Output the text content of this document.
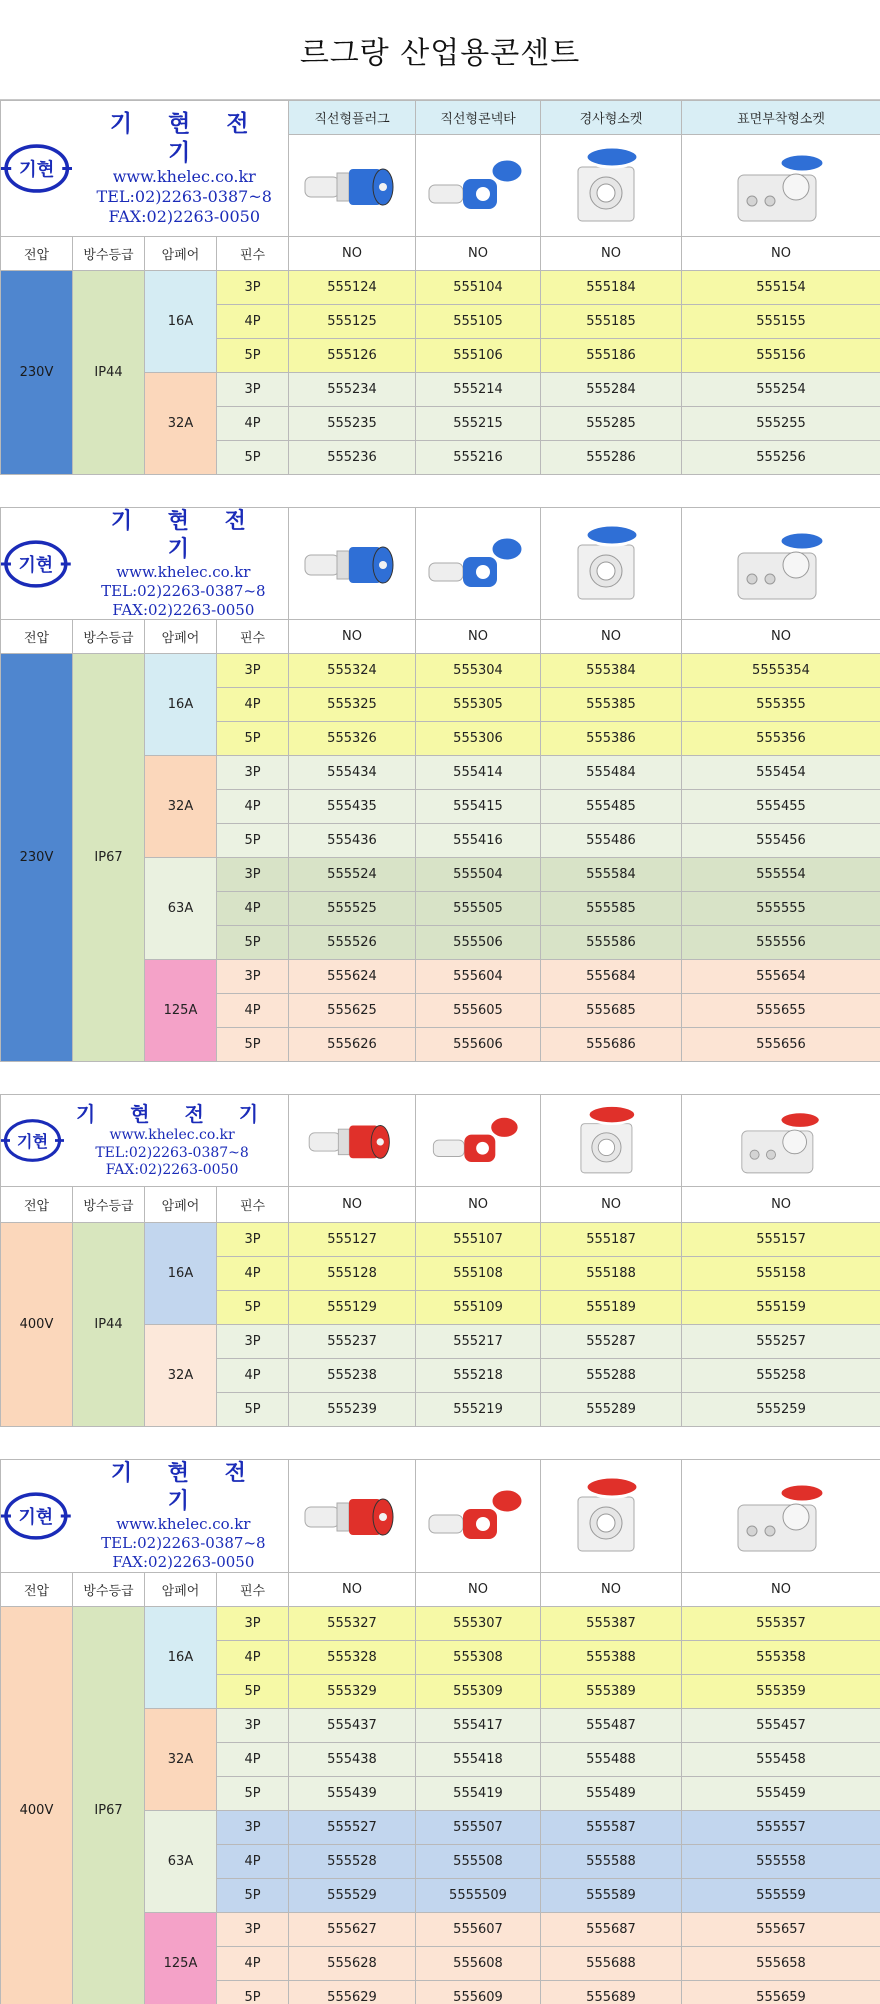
르그랑 산업용콘센트
기현
기 현 전 기
www.khelec.co.kr
TEL:02)2263-0387~8
FAX:02)2263-0050				직선형플러그	직선형콘넥타	경사형소켓	표면부착형소켓

전압	방수등급	암페어	핀수	NO	NO	NO	NO
230V	IP44	16A	3P	555124	555104	555184	555154
			4P	555125	555105	555185	555155
			5P	555126	555106	555186	555156
		32A	3P	555234	555214	555284	555254
			4P	555235	555215	555285	555255
			5P	555236	555216	555286	555256
기현
기 현 전 기
www.khelec.co.kr
TEL:02)2263-0387~8
FAX:02)2263-0050

전압	방수등급	암페어	핀수	NO	NO	NO	NO
230V	IP67	16A	3P	555324	555304	555384	5555354
			4P	555325	555305	555385	555355
			5P	555326	555306	555386	555356
		32A	3P	555434	555414	555484	555454
			4P	555435	555415	555485	555455
			5P	555436	555416	555486	555456
		63A	3P	555524	555504	555584	555554
			4P	555525	555505	555585	555555
			5P	555526	555506	555586	555556
		125A	3P	555624	555604	555684	555654
			4P	555625	555605	555685	555655
			5P	555626	555606	555686	555656
기현
기 현 전 기
www.khelec.co.kr
TEL:02)2263-0387~8
FAX:02)2263-0050

전압	방수등급	암페어	핀수	NO	NO	NO	NO
400V	IP44	16A	3P	555127	555107	555187	555157
			4P	555128	555108	555188	555158
			5P	555129	555109	555189	555159
		32A	3P	555237	555217	555287	555257
			4P	555238	555218	555288	555258
			5P	555239	555219	555289	555259
기현
기 현 전 기
www.khelec.co.kr
TEL:02)2263-0387~8
FAX:02)2263-0050

전압	방수등급	암페어	핀수	NO	NO	NO	NO
400V	IP67	16A	3P	555327	555307	555387	555357
			4P	555328	555308	555388	555358
			5P	555329	555309	555389	555359
		32A	3P	555437	555417	555487	555457
			4P	555438	555418	555488	555458
			5P	555439	555419	555489	555459
		63A	3P	555527	555507	555587	555557
			4P	555528	555508	555588	555558
			5P	555529	5555509	555589	555559
		125A	3P	555627	555607	555687	555657
			4P	555628	555608	555688	555658
			5P	555629	555609	555689	555659
